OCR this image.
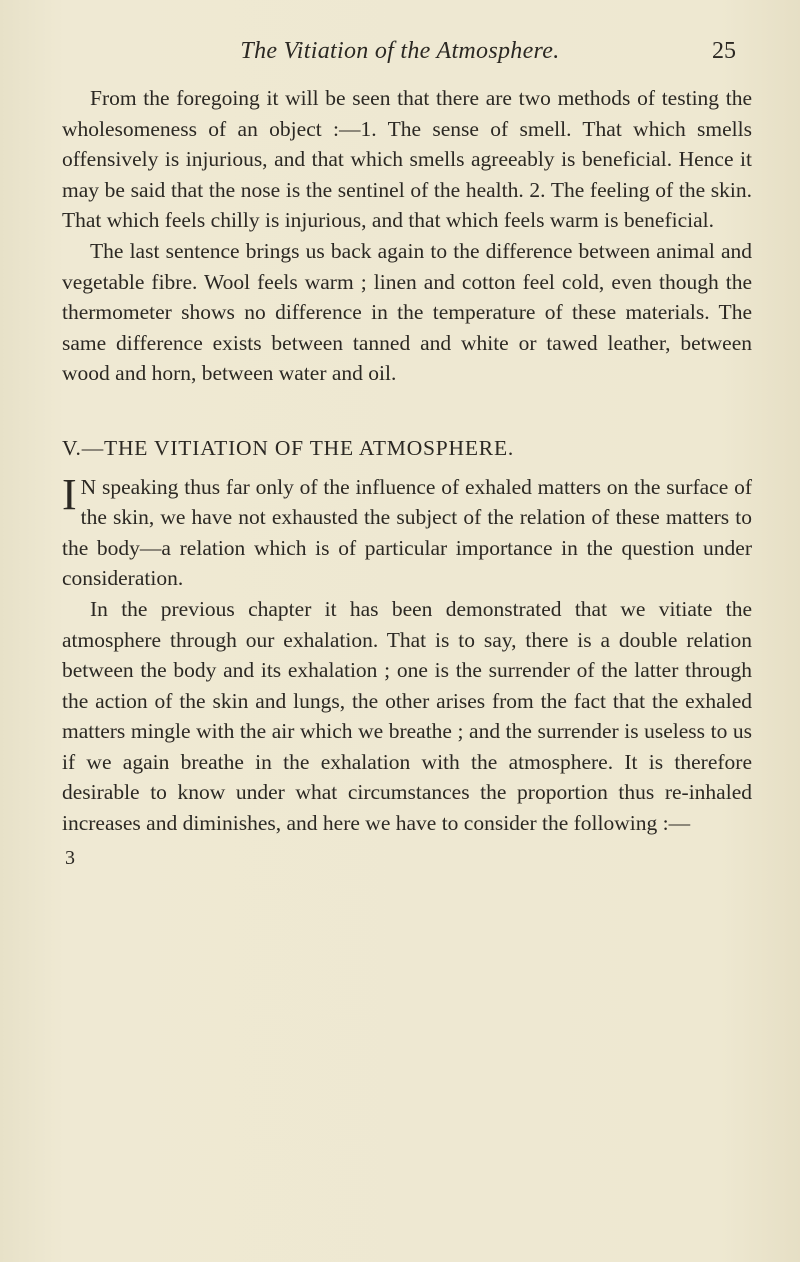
The Vitiation of the Atmosphere.	25

From the foregoing it will be seen that there are two methods of testing the wholesomeness of an object :—1. The sense of smell. That which smells offensively is injurious, and that which smells agreeably is beneficial. Hence it may be said that the nose is the sentinel of the health. 2. The feeling of the skin. That which feels chilly is injurious, and that which feels warm is beneficial.

The last sentence brings us back again to the difference between animal and vegetable fibre. Wool feels warm ; linen and cotton feel cold, even though the thermometer shows no difference in the temperature of these materials. The same difference exists between tanned and white or tawed leather, between wood and horn, between water and oil.

V.—THE VITIATION OF THE ATMOSPHERE.

IN speaking thus far only of the influence of exhaled matters on the surface of the skin, we have not exhausted the subject of the relation of these matters to the body—a relation which is of particular importance in the question under consideration.

In the previous chapter it has been demonstrated that we vitiate the atmosphere through our exhalation. That is to say, there is a double relation between the body and its exhalation ; one is the surrender of the latter through the action of the skin and lungs, the other arises from the fact that the exhaled matters mingle with the air which we breathe ; and the surrender is useless to us if we again breathe in the exhalation with the atmosphere. It is therefore desirable to know under what circumstances the proportion thus re-inhaled increases and diminishes, and here we have to consider the following :—

3
